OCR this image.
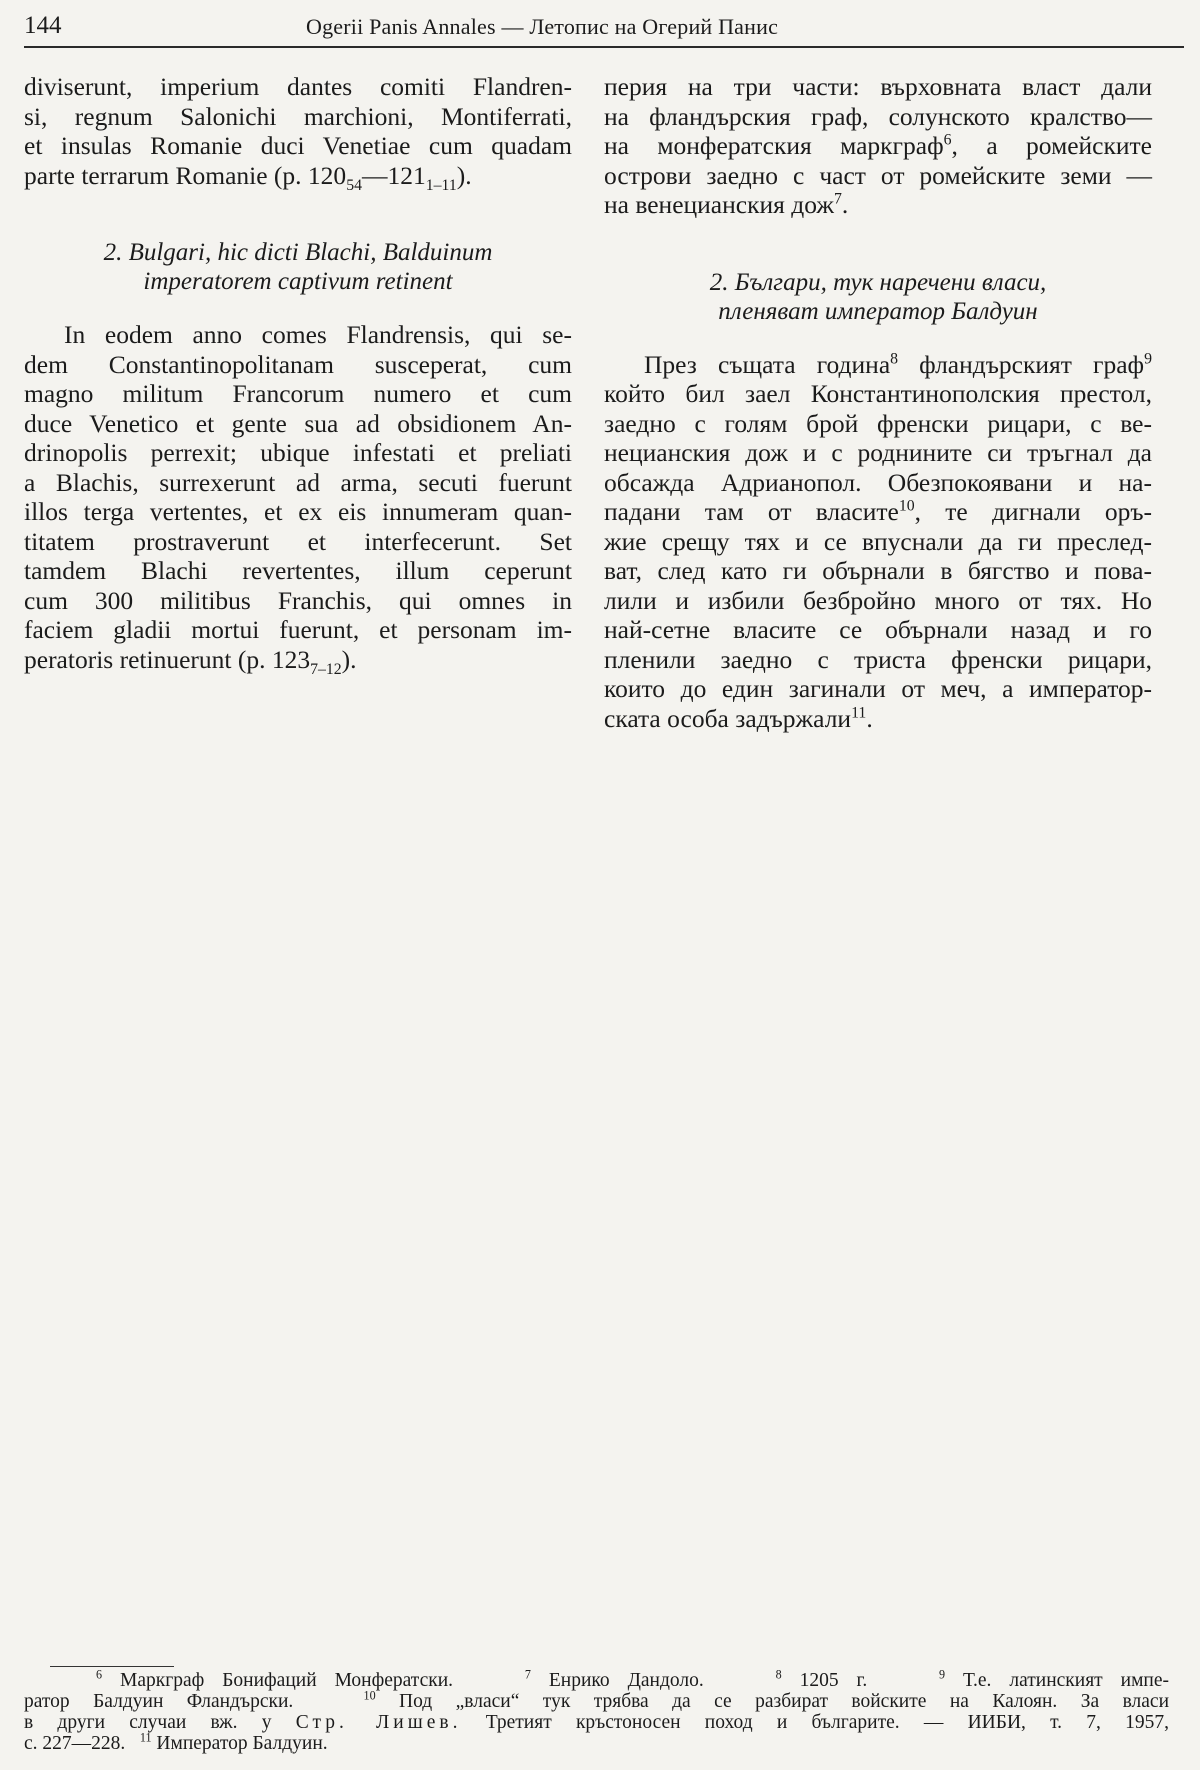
144	Ogerii Panis Annales — Летопис на Огерий Панис

diviserunt, imperium dantes comiti Flandren-
si, regnum Salonichi marchioni, Montiferrati,
et insulas Romanie duci Venetiae cum quadam
parte terrarum Romanie (p. $120_{54}—121_{1-11}$).

2. Bulgari, hic dicti Blachi, Balduinum
imperatorem captivum retinent

In eodem anno comes Flandrensis, qui se-
dem Constantinopolitanam susceperat, cum
magno militum Francorum numero et cum
duce Venetico et gente sua ad obsidionem An-
drinopolis perrexit; ubique infestati et preliati
a Blachis, surrexerunt ad arma, secuti fuerunt
illos terga vertentes, et ex eis innumeram quan-
titatem prostraverunt et interfecerunt. Set
tamdem Blachi revertentes, illum ceperunt
cum 300 militibus Franchis, qui omnes in
faciem gladii mortui fuerunt, et personam im-
peratoris retinuerunt (p. $123_{7-12}$).

перия на три части: върховната власт дали
на фландърския граф, солунското кралство—
на монфератския маркграф$^6$, а ромейските
острови заедно с част от ромейските земи —
на венецианския дож$^7$.

2. Българи, тук наречени власи,
пленяват император Балдуин

През същата година$^8$ фландърският граф$^9$
който бил заел Константинополския престол,
заедно с голям брой френски рицари, с ве-
нецианския дож и с роднините си тръгнал да
обсажда Адрианопол. Обезпокоявани и на-
падани там от власите$^{10}$, те дигнали оръ-
жие срещу тях и се впуснали да ги преслед-
ват, след като ги обърнали в бягство и пова-
лили и избили безбройно много от тях. Но
най-сетне власите се обърнали назад и го
пленили заедно с триста френски рицари,
които до един загинали от меч, а император-
ската особа задържали$^{11}$.

$^6$ Маркграф Бонифаций Монфератски.	$^7$ Енрико Дандоло.	$^8$ 1205 г.	$^9$ Т.е. латинският импе-
ратор Балдуин Фландърски.	$^{10}$ Под „власи“ тук трябва да се разбират войските на Калоян. За власи
в други случаи вж. у Стр. Лишев. Третият кръстоносен поход и българите. — ИИБИ, т. 7, 1957,
с. 227—228. $^{11}$ Император Балдуин.
